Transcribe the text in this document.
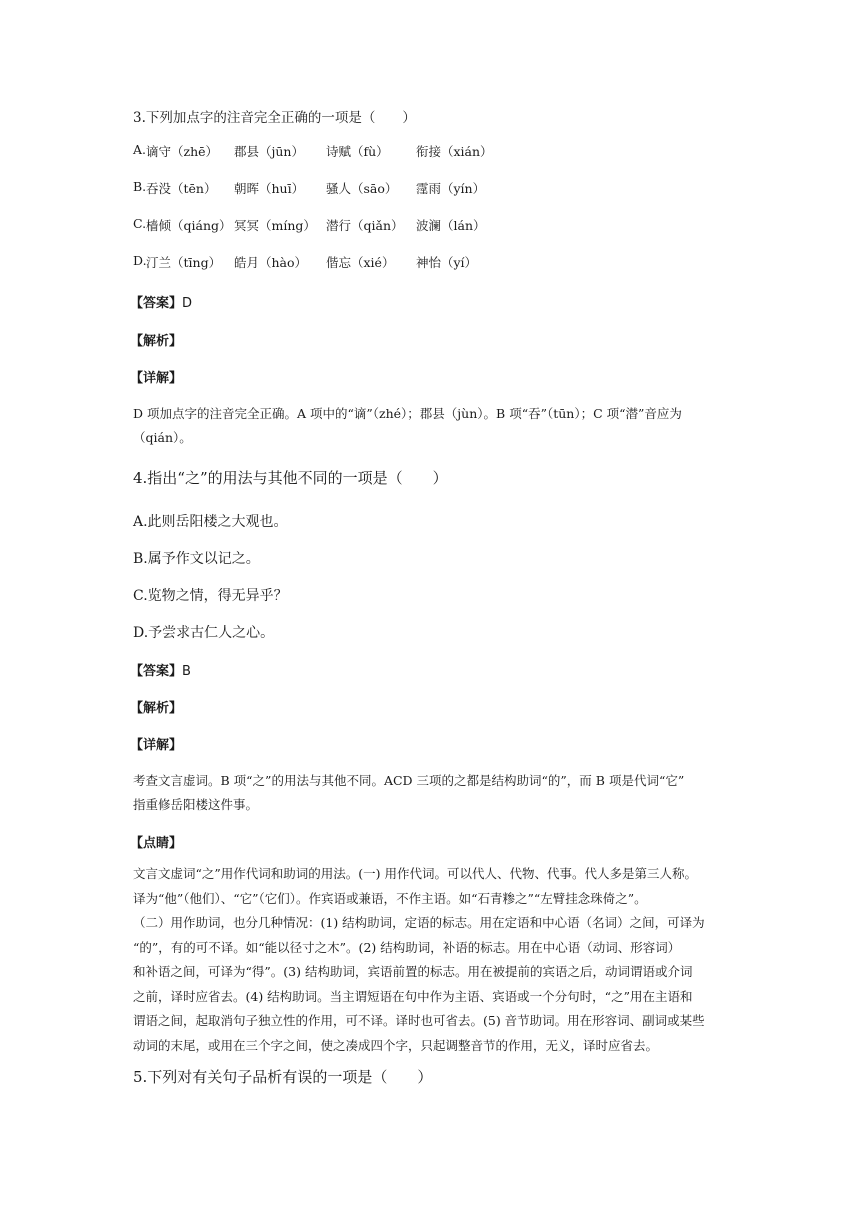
3.下列加点字的注音完全正确的一项是（　　）
A. 谪守（zhē） 郡县（jūn） 诗赋（fù） 衔接（xián）
B. 吞没（tēn） 朝晖（huī） 骚人（sāo） 霪雨（yín）
C. 樯倾（qiáng） 冥冥（míng） 潜行（qiǎn） 波澜（lán）
D. 汀兰（tīng） 皓月（hào） 偕忘（xié） 神怡（yí）
【答案】D
【解析】
【详解】
D 项加点字的注音完全正确。A 项中的“谪”（zhé）；郡县（jùn）。B 项“吞”（tūn）；C 项“潜”音应为
（qián）。
4.指出“之”的用法与其他不同的一项是（　　）
A.此则岳阳楼之大观也。
B.属予作文以记之。
C.览物之情，得无异乎？
D.予尝求古仁人之心。
【答案】B
【解析】
【详解】
考查文言虚词。B 项“之”的用法与其他不同。ACD 三项的之都是结构助词“的”，而 B 项是代词“它”
指重修岳阳楼这件事。
【点睛】
文言文虚词“之”用作代词和助词的用法。(一) 用作代词。可以代人、代物、代事。代人多是第三人称。
译为“他”（他们）、“它”（它们）。作宾语或兼语，不作主语。如“石青糁之”“左臂挂念珠倚之”。
（二）用作助词，也分几种情况：(1) 结构助词，定语的标志。用在定语和中心语（名词）之间，可译为
“的”，有的可不译。如“能以径寸之木”。(2) 结构助词，补语的标志。用在中心语（动词、形容词）
和补语之间，可译为“得”。(3) 结构助词，宾语前置的标志。用在被提前的宾语之后，动词谓语或介词
之前，译时应省去。(4) 结构助词。当主谓短语在句中作为主语、宾语或一个分句时，“之”用在主语和
谓语之间，起取消句子独立性的作用，可不译。译时也可省去。(5) 音节助词。用在形容词、副词或某些
动词的末尾，或用在三个字之间，使之凑成四个字，只起调整音节的作用，无义，译时应省去。
5.下列对有关句子品析有误的一项是（　　）
